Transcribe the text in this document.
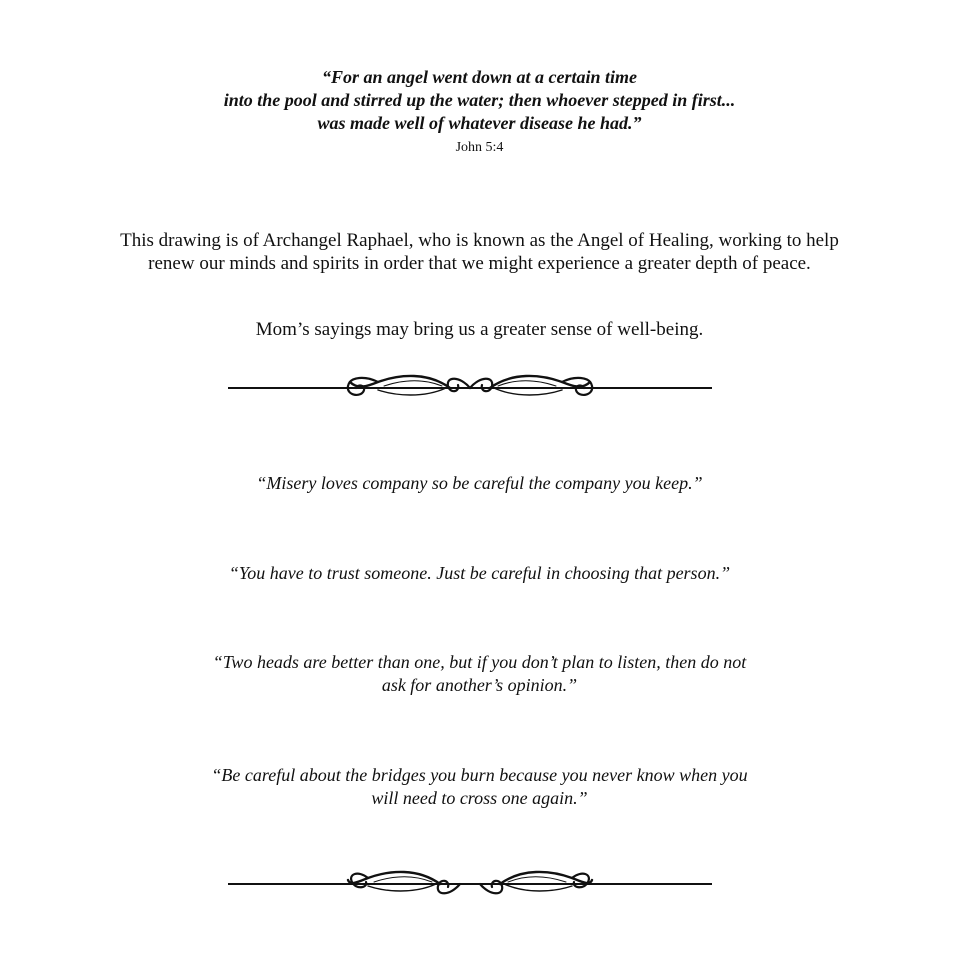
“For an angel went down at a certain time
into the pool and stirred up the water; then whoever stepped in first...
was made well of whatever disease he had.”
John 5:4
This drawing is of Archangel Raphael, who is known as the Angel of Healing, working to help
renew our minds and spirits in order that we might experience a greater depth of peace.
Mom’s sayings may bring us a greater sense of well-being.
“Misery loves company so be careful the company you keep.”
“You have to trust someone. Just be careful in choosing that person.”
“Two heads are better than one, but if you don’t plan to listen, then do not
ask for another’s opinion.”
“Be careful about the bridges you burn because you never know when you
will need to cross one again.”
